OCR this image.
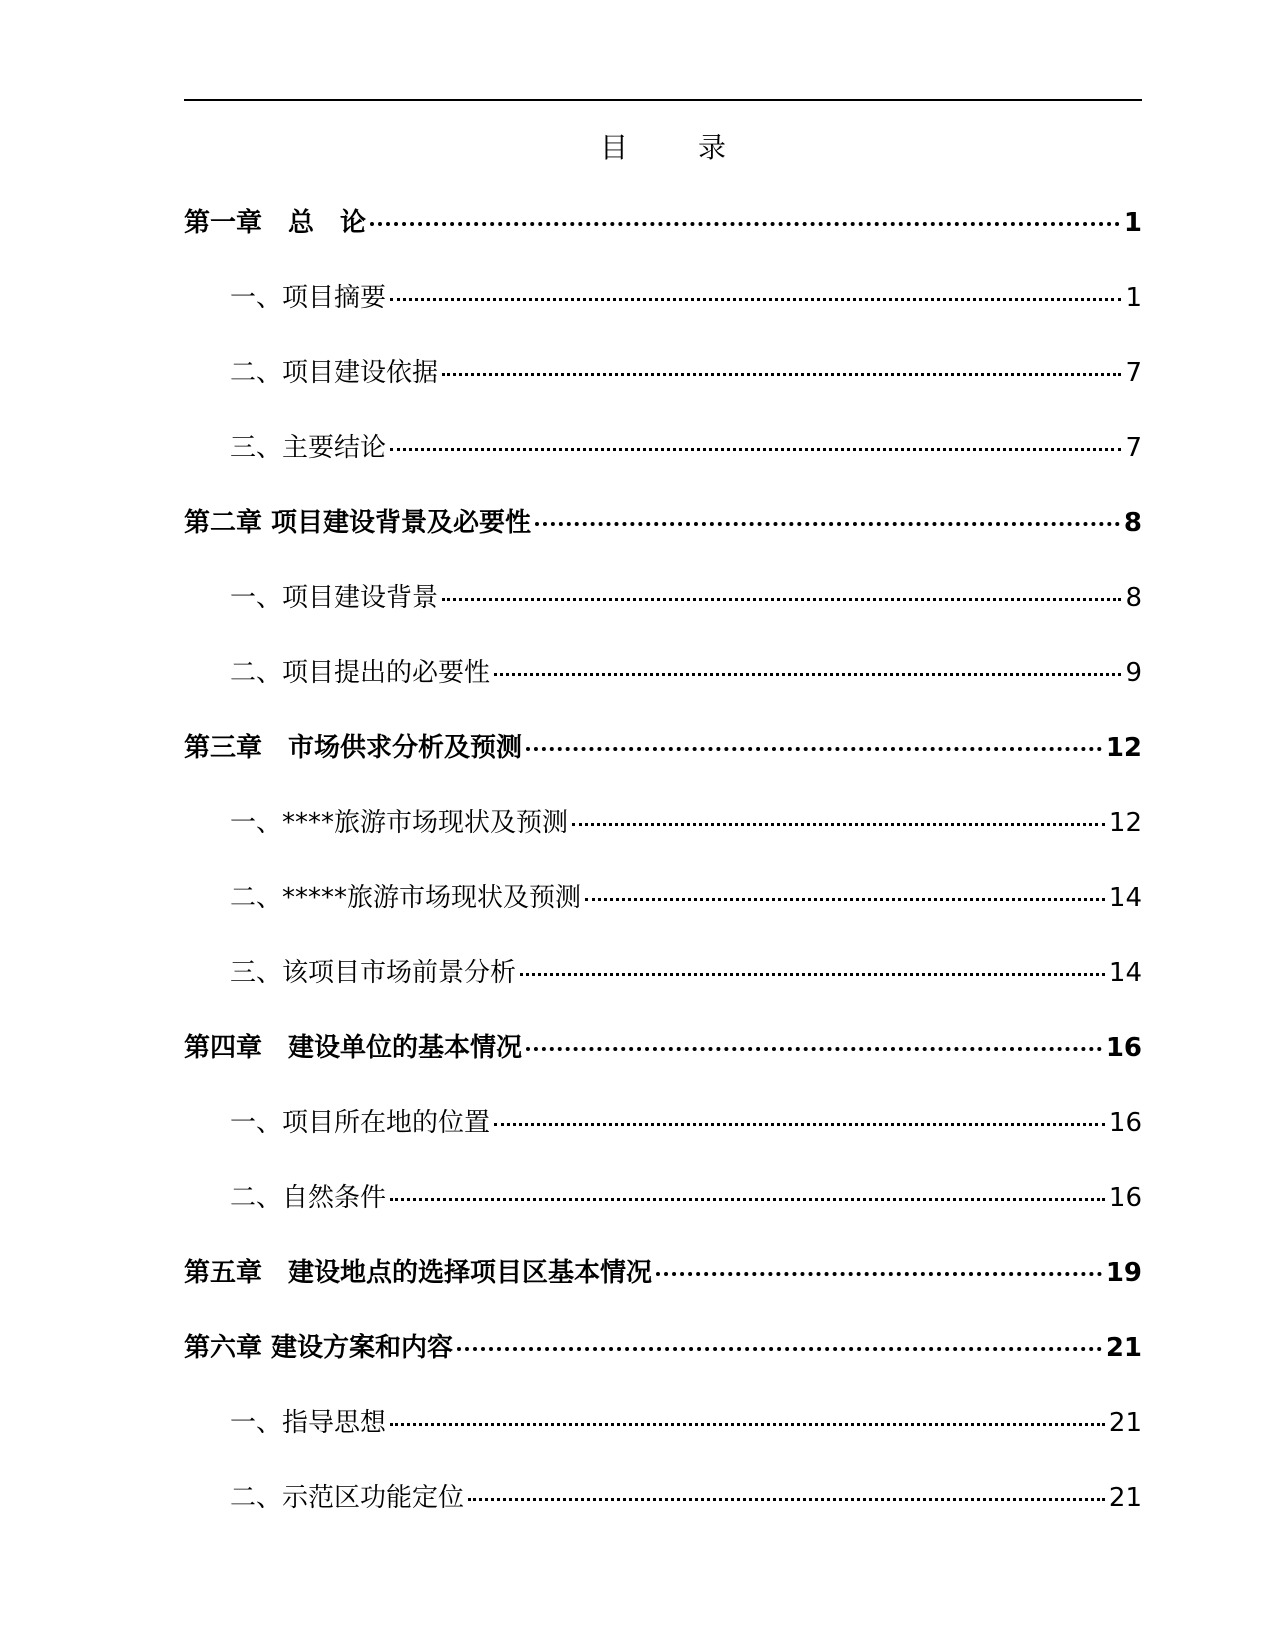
目	录
第一章　总　论	1
一、项目摘要	1
二、项目建设依据	7
三、主要结论	7
第二章 项目建设背景及必要性	8
一、项目建设背景	8
二、项目提出的必要性	9
第三章　市场供求分析及预测	12
一、****旅游市场现状及预测	12
二、*****旅游市场现状及预测	14
三、该项目市场前景分析	14
第四章　建设单位的基本情况	16
一、项目所在地的位置	16
二、自然条件	16
第五章　建设地点的选择项目区基本情况	19
第六章 建设方案和内容	21
一、指导思想	21
二、示范区功能定位	21
